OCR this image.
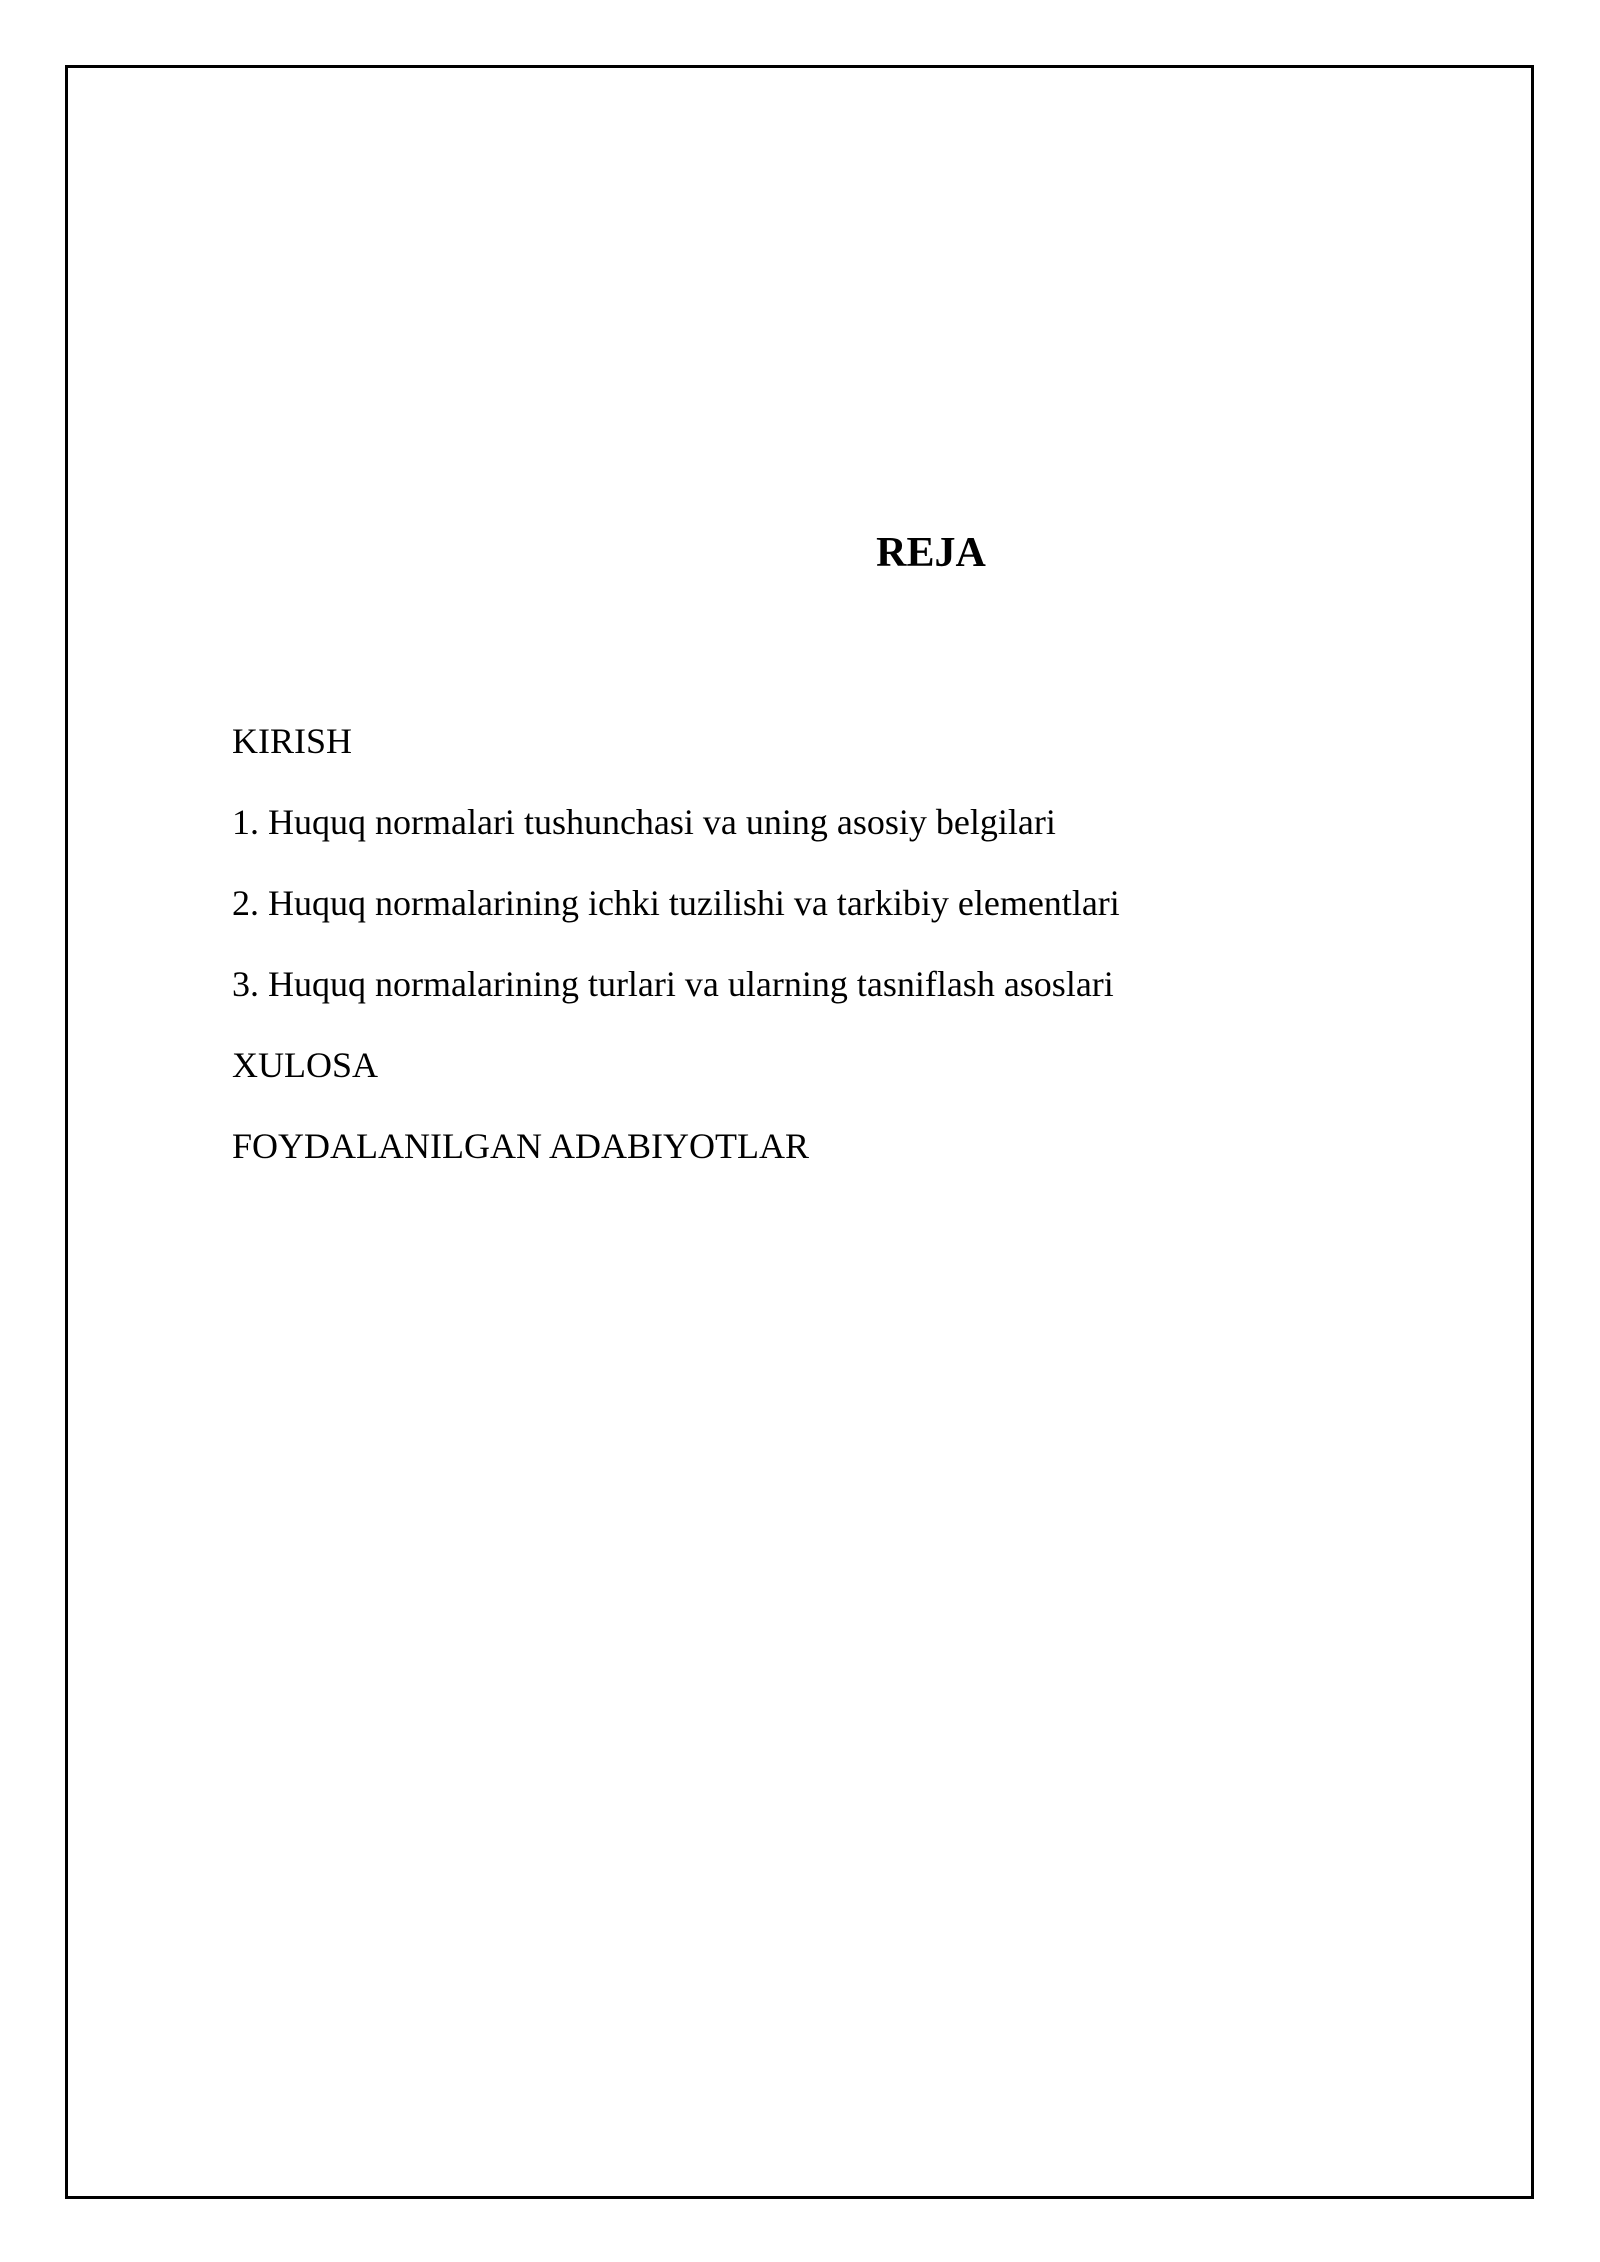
REJA
KIRISH
1. Huquq normalari tushunchasi va uning asosiy belgilari
2. Huquq normalarining ichki tuzilishi va tarkibiy elementlari
3. Huquq normalarining turlari va ularning tasniflash asoslari
XULOSA
FOYDALANILGAN ADABIYOTLAR
